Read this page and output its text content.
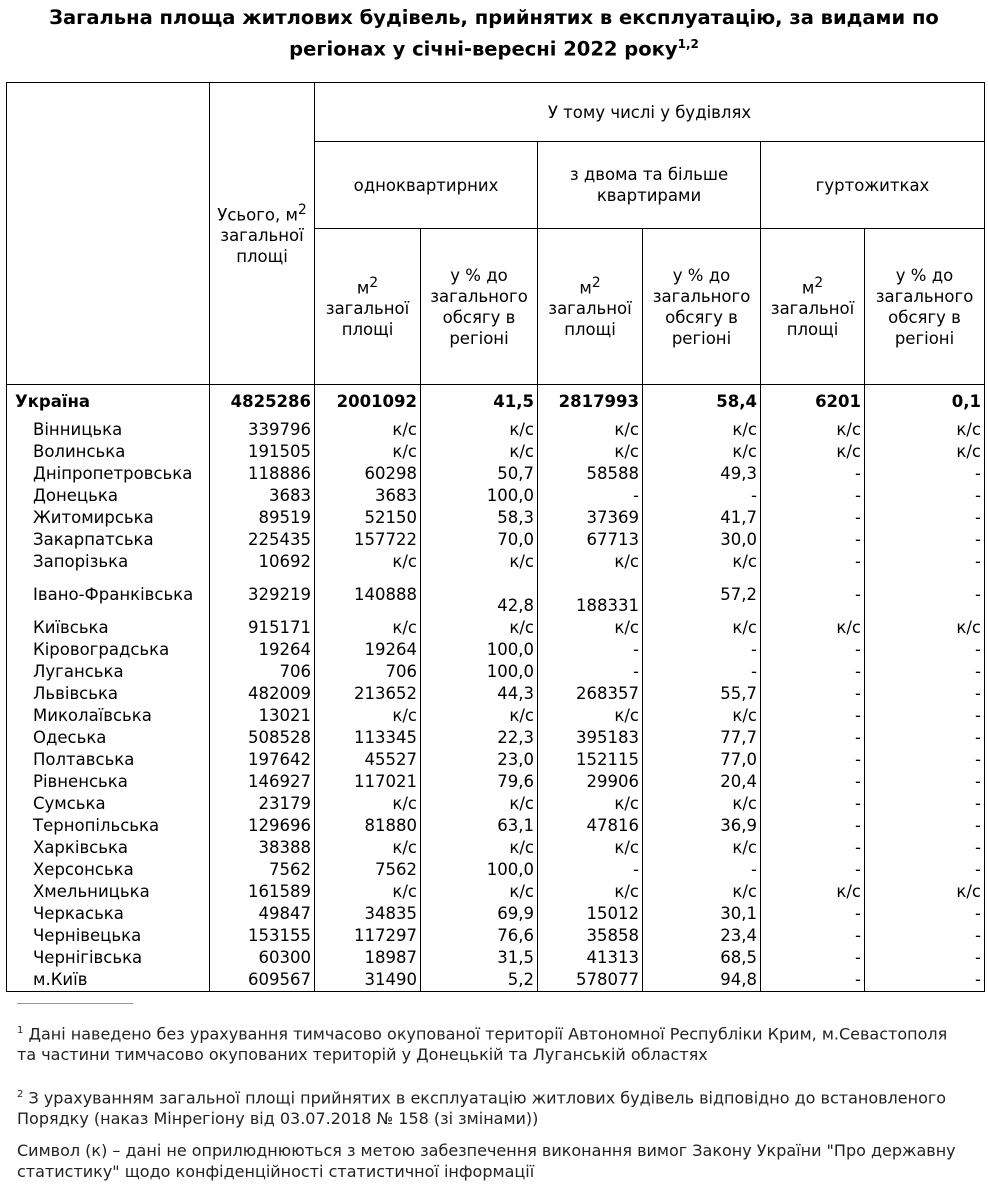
Загальна площа житлових будівель, прийнятих в експлуатацію, за видами по
регіонах у січні-вересні 2022 року$^{1,2}$
	Усього, $м^2$ загальної площі	У тому числі у будівлях					
		одноквартирних		з двома та більше квартирами		гуртожитках	
		$м^2$
загальної площі	у % до загального обсягу в регіоні	$м^2$
загальної площі	у % до загального обсягу в регіоні	$м^2$
загальної площі	у % до загального обсягу в регіоні
Україна	4825286	2001092	41,5	2817993	58,4	6201	0,1
Вінницька	339796	к/с	к/с	к/с	к/с	к/с	к/с
Волинська	191505	к/с	к/с	к/с	к/с	к/с	к/с
Дніпропетровська	118886	60298	50,7	58588	49,3	-	-
Донецька	3683	3683	100,0	-	-	-	-
Житомирська	89519	52150	58,3	37369	41,7	-	-
Закарпатська	225435	157722	70,0	67713	30,0	-	-
Запорізька	10692	к/с	к/с	к/с	к/с	-	-
Івано-Франківська	329219	140888	42,8	188331	57,2	-	-
Київська	915171	к/с	к/с	к/с	к/с	к/с	к/с
Кіровоградська	19264	19264	100,0	-	-	-	-
Луганська	706	706	100,0	-	-	-	-
Львівська	482009	213652	44,3	268357	55,7	-	-
Миколаївська	13021	к/с	к/с	к/с	к/с	-	-
Одеська	508528	113345	22,3	395183	77,7	-	-
Полтавська	197642	45527	23,0	152115	77,0	-	-
Рівненська	146927	117021	79,6	29906	20,4	-	-
Сумська	23179	к/с	к/с	к/с	к/с	-	-
Тернопільська	129696	81880	63,1	47816	36,9	-	-
Харківська	38388	к/с	к/с	к/с	к/с	-	-
Херсонська	7562	7562	100,0	-	-	-	-
Хмельницька	161589	к/с	к/с	к/с	к/с	к/с	к/с
Черкаська	49847	34835	69,9	15012	30,1	-	-
Чернівецька	153155	117297	76,6	35858	23,4	-	-
Чернігівська	60300	18987	31,5	41313	68,5	-	-
м.Київ	609567	31490	5,2	578077	94,8	-	-
$^1$ Дані наведено без урахування тимчасово окупованої території Автономної Республіки Крим, м.Севастополя та частини тимчасово окупованих територій у Донецькій та Луганській областях
$^2$ З урахуванням загальної площі прийнятих в експлуатацію житлових будівель відповідно до встановленого Порядку (наказ Мінрегіону від 03.07.2018 № 158 (зі змінами))
Символ (к) – дані не оприлюднюються з метою забезпечення виконання вимог Закону України "Про державну статистику" щодо конфіденційності статистичної інформації
